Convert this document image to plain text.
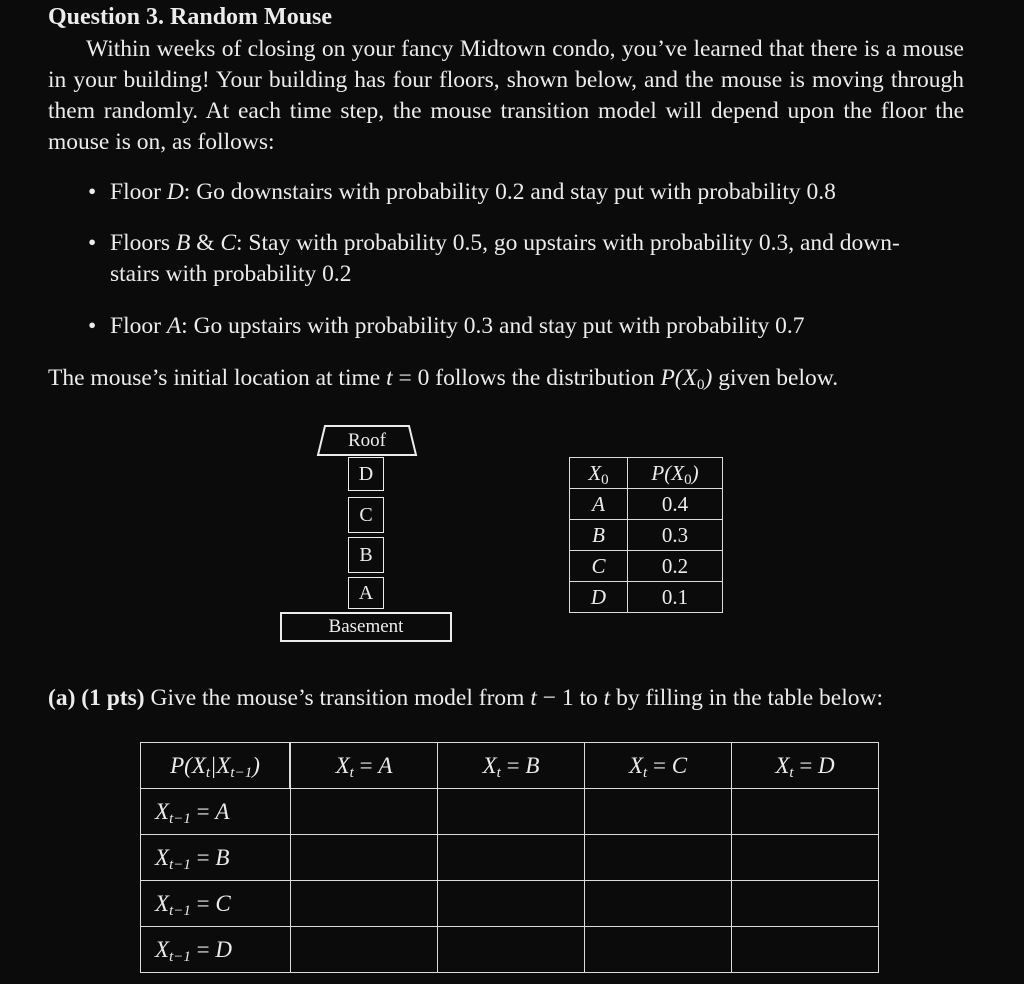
Question 3. Random Mouse
Within weeks of closing on your fancy Midtown condo, you’ve learned that there is a mouse in your building! Your building has four floors, shown below, and the mouse is moving through them randomly. At each time step, the mouse transition model will depend upon the floor the mouse is on, as follows:
• Floor D: Go downstairs with probability 0.2 and stay put with probability 0.8
• Floors B & C: Stay with probability 0.5, go upstairs with probability 0.3, and down-
stairs with probability 0.2
• Floor A: Go upstairs with probability 0.3 and stay put with probability 0.7
The mouse’s initial location at time t = 0 follows the distribution $P(X_0)$ given below.
Roof
D
C
B
A
Basement
$X_0$	$P(X_0)$
A	0.4
B	0.3
C	0.2
D	0.1
(a) (1 pts) Give the mouse’s transition model from t − 1 to t by filling in the table below:
$P(X_t|X_{t-1})$	$X_t = A$	$X_t = B$	$X_t = C$	$X_t = D$
$X_{t-1} = A$				
$X_{t-1} = B$				
$X_{t-1} = C$				
$X_{t-1} = D$				
